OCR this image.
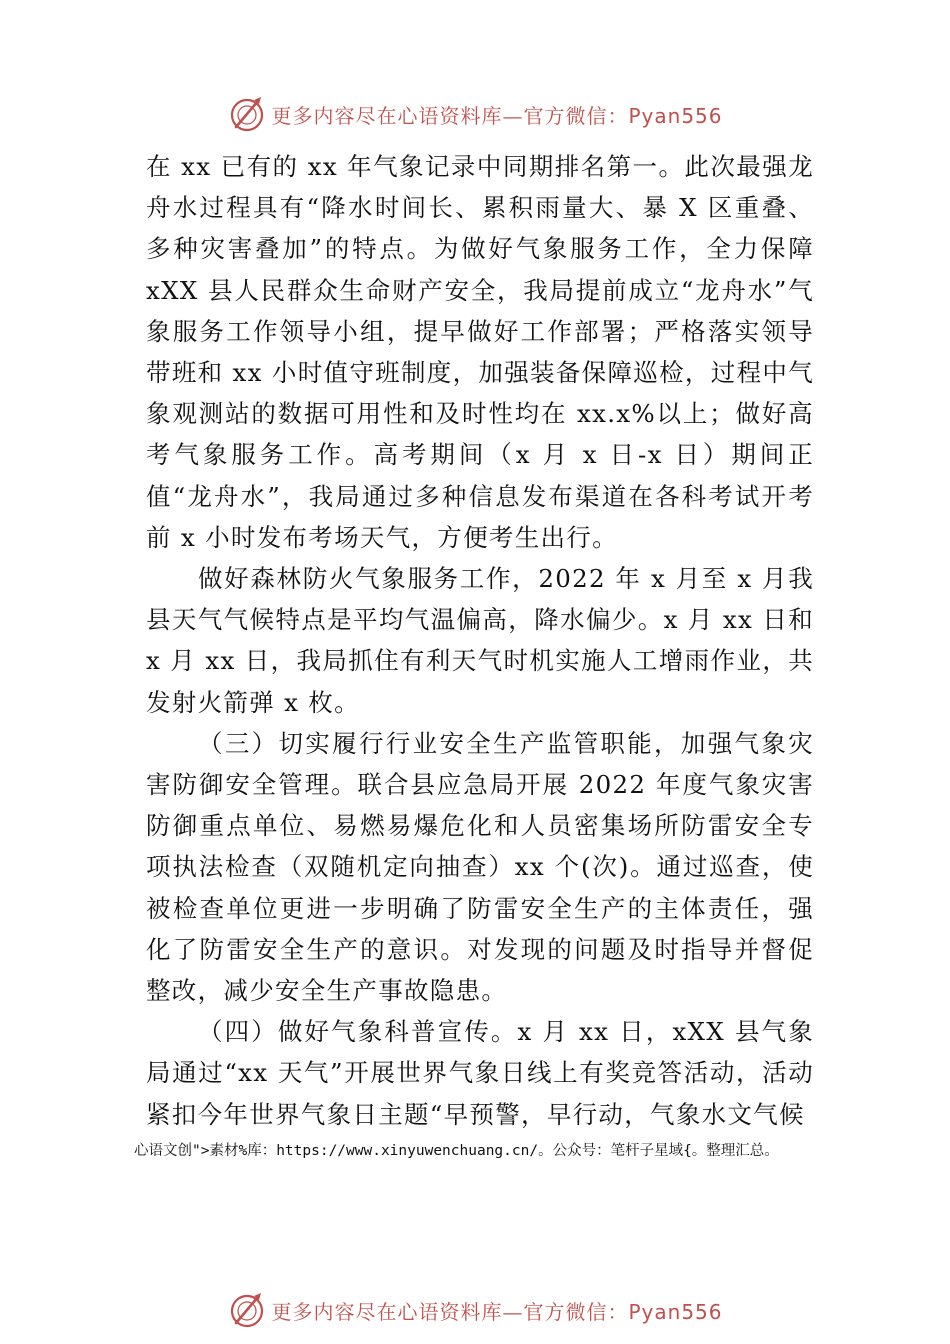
更多内容尽在心语资料库—官方微信：Pyan556

在 xx 已有的 xx 年气象记录中同期排名第一。此次最强龙舟水过程具有“降水时间长、累积雨量大、暴 X 区重叠、多种灾害叠加”的特点。为做好气象服务工作，全力保障 xXX 县人民群众生命财产安全，我局提前成立“龙舟水”气象服务工作领导小组，提早做好工作部署；严格落实领导带班和 xx 小时值守班制度，加强装备保障巡检，过程中气象观测站的数据可用性和及时性均在 xx.x%以上；做好高考气象服务工作。高考期间（x 月 x 日-x 日）期间正值“龙舟水”，我局通过多种信息发布渠道在各科考试开考前 x 小时发布考场天气，方便考生出行。

做好森林防火气象服务工作，2022 年 x 月至 x 月我县天气气候特点是平均气温偏高，降水偏少。x 月 xx 日和 x 月 xx 日，我局抓住有利天气时机实施人工增雨作业，共发射火箭弹 x 枚。

（三）切实履行行业安全生产监管职能，加强气象灾害防御安全管理。联合县应急局开展 2022 年度气象灾害防御重点单位、易燃易爆危化和人员密集场所防雷安全专项执法检查（双随机定向抽查）xx 个(次)。通过巡查，使被检查单位更进一步明确了防雷安全生产的主体责任，强化了防雷安全生产的意识。对发现的问题及时指导并督促整改，减少安全生产事故隐患。

（四）做好气象科普宣传。x 月 xx 日，xXX 县气象局通过“xx 天气”开展世界气象日线上有奖竞答活动，活动紧扣今年世界气象日主题“早预警，早行动，气象水文气候

心语文创">素材%库：https://www.xinyuwenchuang.cn/。公众号：笔杆子星域{。整理汇总。
更多内容尽在心语资料库—官方微信：Pyan556
